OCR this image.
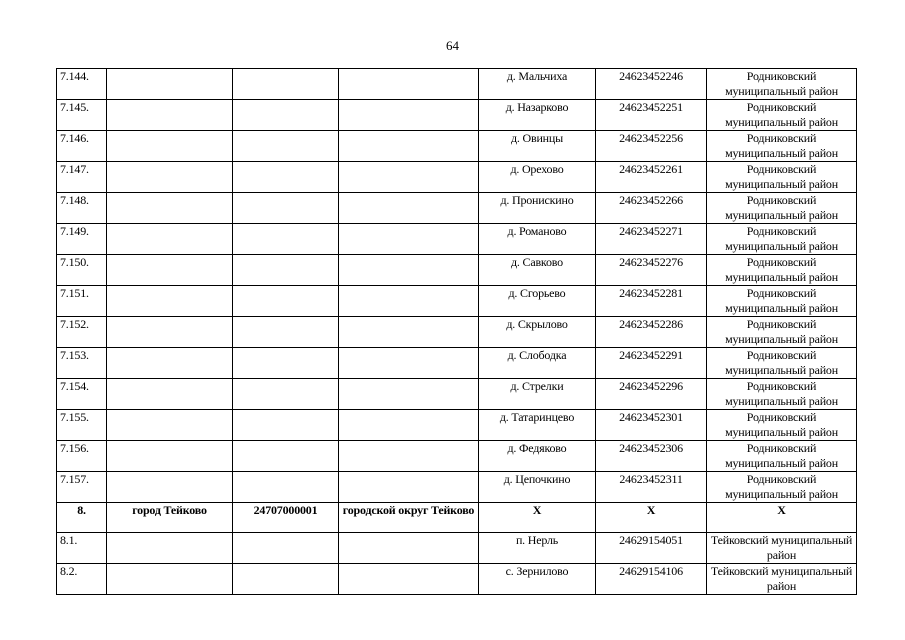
64
7.144.				д. Мальчиха	24623452246	Родниковский муниципальный район
7.145.				д. Назарково	24623452251	Родниковский муниципальный район
7.146.				д. Овинцы	24623452256	Родниковский муниципальный район
7.147.				д. Орехово	24623452261	Родниковский муниципальный район
7.148.				д. Пронискино	24623452266	Родниковский муниципальный район
7.149.				д. Романово	24623452271	Родниковский муниципальный район
7.150.				д. Савково	24623452276	Родниковский муниципальный район
7.151.				д. Сгорьево	24623452281	Родниковский муниципальный район
7.152.				д. Скрылово	24623452286	Родниковский муниципальный район
7.153.				д. Слободка	24623452291	Родниковский муниципальный район
7.154.				д. Стрелки	24623452296	Родниковский муниципальный район
7.155.				д. Татаринцево	24623452301	Родниковский муниципальный район
7.156.				д. Федяково	24623452306	Родниковский муниципальный район
7.157.				д. Цепочкино	24623452311	Родниковский муниципальный район
8.	город Тейково	24707000001	городской округ Тейково	Х	Х	Х
8.1.				п. Нерль	24629154051	Тейковский муниципальный район
8.2.				с. Зернилово	24629154106	Тейковский муниципальный район
